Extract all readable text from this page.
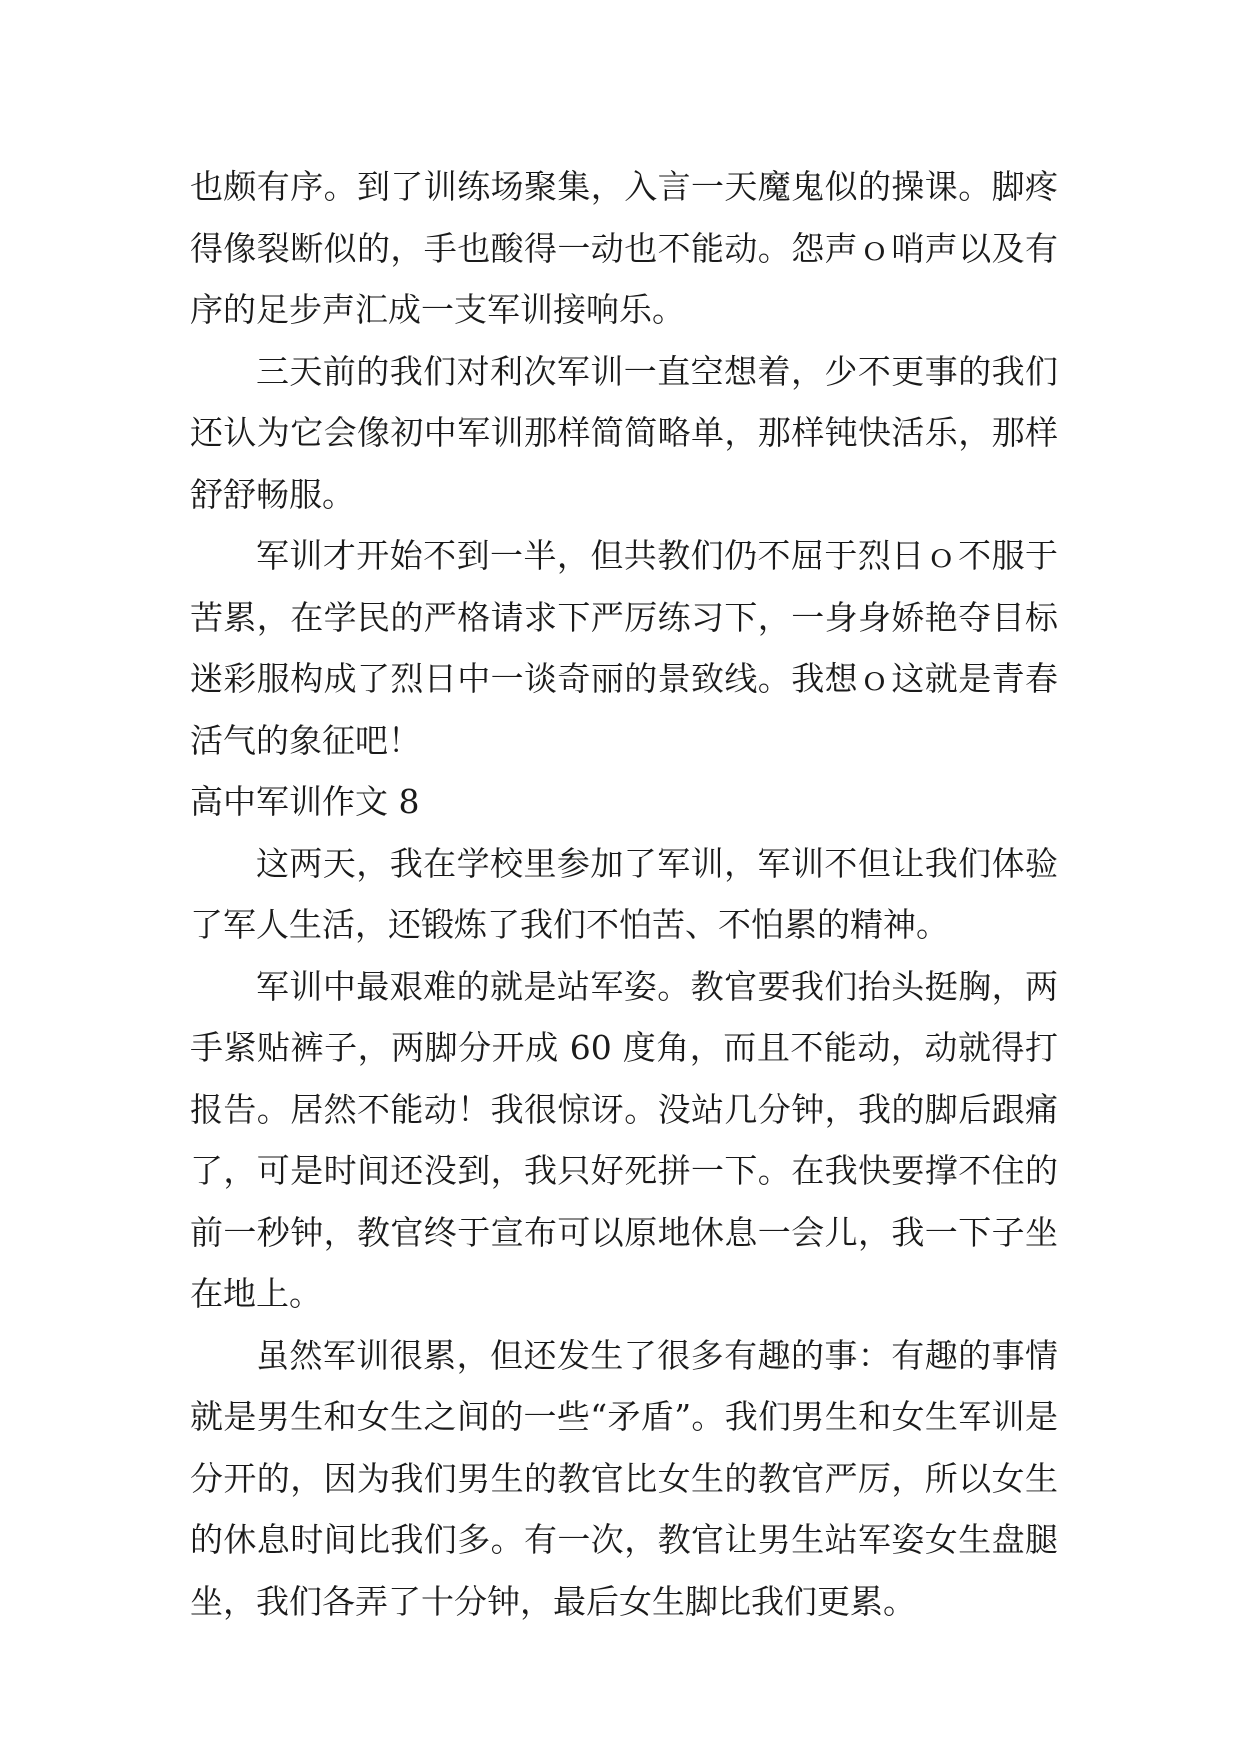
也颇有序。到了训练场聚集，入言一天魔鬼似的操课。脚疼得像裂断似的，手也酸得一动也不能动。怨声ｏ哨声以及有序的足步声汇成一支军训接响乐。

三天前的我们对利次军训一直空想着，少不更事的我们还认为它会像初中军训那样简简略单，那样钝快活乐，那样舒舒畅服。

军训才开始不到一半，但共教们仍不屈于烈日ｏ不服于苦累，在学民的严格请求下严厉练习下，一身身娇艳夺目标迷彩服构成了烈日中一谈奇丽的景致线。我想ｏ这就是青春活气的象征吧！

高中军训作文 8

这两天，我在学校里参加了军训，军训不但让我们体验了军人生活，还锻炼了我们不怕苦、不怕累的精神。

军训中最艰难的就是站军姿。教官要我们抬头挺胸，两手紧贴裤子，两脚分开成 60 度角，而且不能动，动就得打报告。居然不能动！我很惊讶。没站几分钟，我的脚后跟痛了，可是时间还没到，我只好死拼一下。在我快要撑不住的前一秒钟，教官终于宣布可以原地休息一会儿，我一下子坐在地上。

虽然军训很累，但还发生了很多有趣的事：有趣的事情就是男生和女生之间的一些“矛盾”。我们男生和女生军训是分开的，因为我们男生的教官比女生的教官严厉，所以女生的休息时间比我们多。有一次，教官让男生站军姿女生盘腿坐，我们各弄了十分钟，最后女生脚比我们更累。
